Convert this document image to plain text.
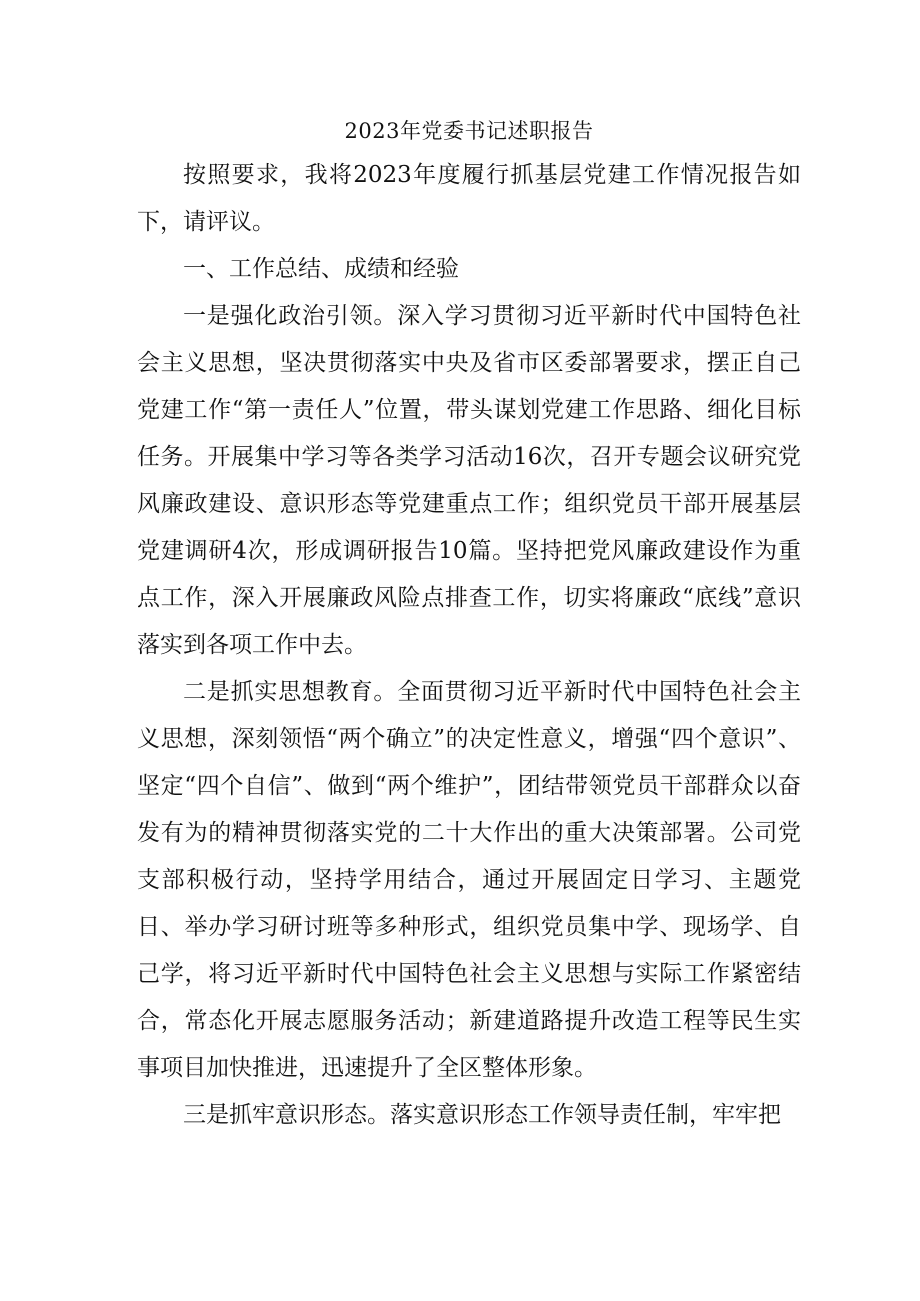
2023年党委书记述职报告

按照要求，我将2023年度履行抓基层党建工作情况报告如下，请评议。

一、工作总结、成绩和经验

一是强化政治引领。深入学习贯彻习近平新时代中国特色社会主义思想，坚决贯彻落实中央及省市区委部署要求，摆正自己党建工作“第一责任人”位置，带头谋划党建工作思路、细化目标任务。开展集中学习等各类学习活动16次，召开专题会议研究党风廉政建设、意识形态等党建重点工作；组织党员干部开展基层党建调研4次，形成调研报告10篇。坚持把党风廉政建设作为重点工作，深入开展廉政风险点排查工作，切实将廉政“底线”意识落实到各项工作中去。

二是抓实思想教育。全面贯彻习近平新时代中国特色社会主义思想，深刻领悟“两个确立”的决定性意义，增强“四个意识”、坚定“四个自信”、做到“两个维护”，团结带领党员干部群众以奋发有为的精神贯彻落实党的二十大作出的重大决策部署。公司党支部积极行动，坚持学用结合，通过开展固定日学习、主题党日、举办学习研讨班等多种形式，组织党员集中学、现场学、自己学，将习近平新时代中国特色社会主义思想与实际工作紧密结合，常态化开展志愿服务活动；新建道路提升改造工程等民生实事项目加快推进，迅速提升了全区整体形象。

三是抓牢意识形态。落实意识形态工作领导责任制，牢牢把
